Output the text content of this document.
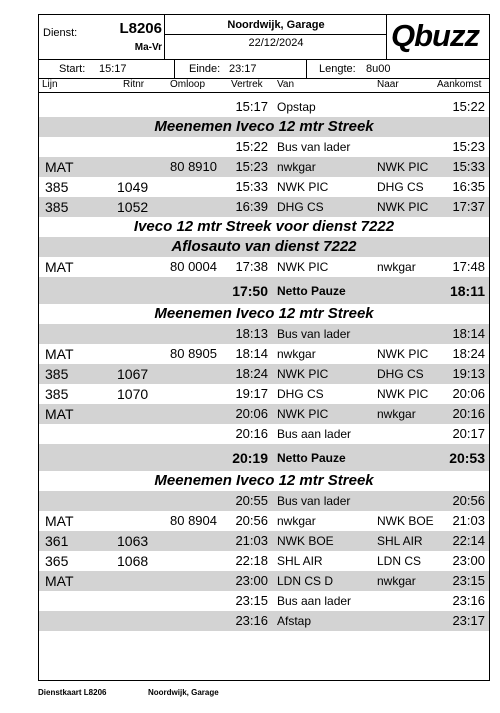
Dienst:	L8206
Ma-Vr
Noordwijk, Garage
22/12/2024	Qbuzz
Start: 15:17	Einde: 23:17	Lengte: 8u00
Lijn	Ritnr	Omloop	Vertrek Van	Naar	Aankomst
15:17 Opstap	15:22
Meenemen Iveco 12 mtr Streek
15:22 Bus van lader	15:23
MAT	80 8910 15:23 nwkgar	NWK PIC 15:33
385	1049	15:33 NWK PIC	DHG CS 16:35
385	1052	16:39 DHG CS	NWK PIC 17:37
Iveco 12 mtr Streek voor dienst 7222
Aflosauto van dienst 7222
MAT	80 0004 17:38 NWK PIC	nwkgar	17:48
17:50 Netto Pauze	18:11
Meenemen Iveco 12 mtr Streek
18:13 Bus van lader	18:14
MAT	80 8905 18:14 nwkgar	NWK PIC 18:24
385	1067	18:24 NWK PIC	DHG CS 19:13
385	1070	19:17 DHG CS	NWK PIC 20:06
MAT	20:06 NWK PIC	nwkgar	20:16
20:16 Bus aan lader	20:17
20:19 Netto Pauze	20:53
Meenemen Iveco 12 mtr Streek
20:55 Bus van lader	20:56
MAT	80 8904 20:56 nwkgar	NWK BOE 21:03
361	1063	21:03 NWK BOE	SHL AIR 22:14
365	1068	22:18 SHL AIR	LDN CS 23:00
MAT	23:00 LDN CS D	nwkgar	23:15
23:15 Bus aan lader	23:16
23:16 Afstap	23:17
Dienstkaart L8206	Noordwijk, Garage
